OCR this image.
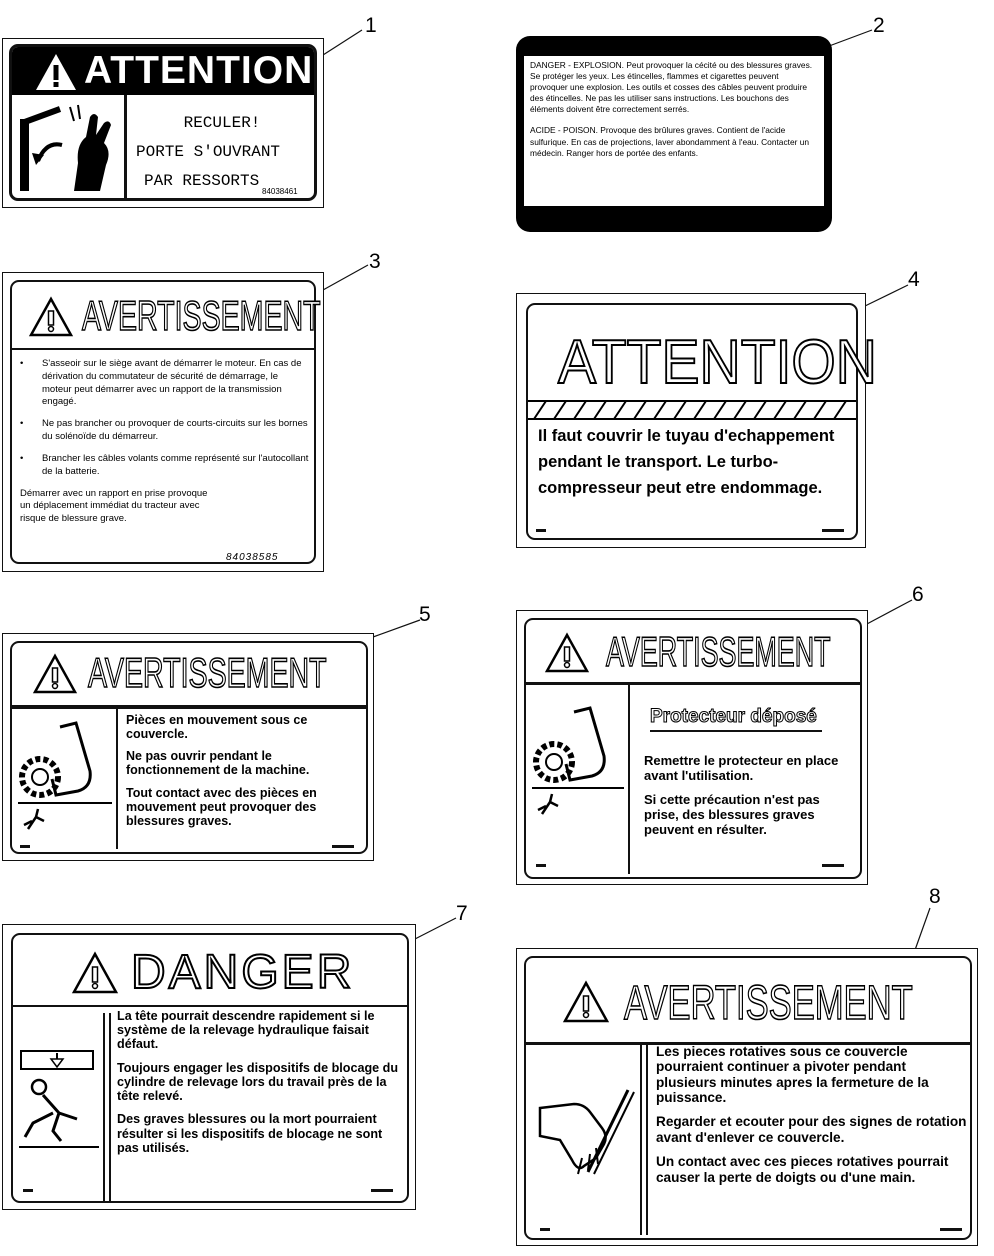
1	2
3
4
5
6
7
8
ATTENTION
RECULER!
PORTE S'OUVRANT
PAR RESSORTS
84038461

DANGER - EXPLOSION. Peut provoquer la cécité ou des blessures graves. Se protéger les yeux. Les étincelles, flammes et cigarettes peuvent provoquer une explosion. Les outils et cosses des câbles peuvent produire des étincelles. Ne pas les utiliser sans instructions. Les bouchons des éléments doivent être correctement serrés.

ACIDE - POISON. Provoque des brûlures graves. Contient de l'acide sulfurique. En cas de projections, laver abondamment à l'eau. Contacter un médecin. Ranger hors de portée des enfants.

AVERTISSEMENT

•	S'asseoir sur le siège avant de démarrer le moteur. En cas de dérivation du commutateur de sécurité de démarrage, le moteur peut démarrer avec un rapport de la transmission engagé.

•	Ne pas brancher ou provoquer de courts-circuits sur les bornes du solénoïde du démarreur.

•	Brancher les câbles volants comme représenté sur l'autocollant de la batterie.

Démarrer avec un rapport en prise provoque un déplacement immédiat du tracteur avec risque de blessure grave.

84038585
ATTENTION
Il faut couvrir le tuyau d'echappement pendant le transport. Le turbo-compresseur peut etre endommage.
AVERTISSEMENT

Pièces en mouvement sous ce couvercle.

Ne pas ouvrir pendant le fonctionnement de la machine.

Tout contact avec des pièces en mouvement peut provoquer des blessures graves.

AVERTISSEMENT
Protecteur déposé

Remettre le protecteur en place avant l'utilisation.

Si cette précaution n'est pas prise, des blessures graves peuvent en résulter.

DANGER

La tête pourrait descendre rapidement si le système de la relevage hydraulique faisait défaut.

Toujours engager les dispositifs de blocage du cylindre de relevage lors du travail près de la tête relevé.

Des graves blessures ou la mort pourraient résulter si les dispositifs de blocage ne sont pas utilisés.

AVERTISSEMENT

Les pieces rotatives sous ce couvercle pourraient continuer a pivoter pendant plusieurs minutes apres la fermeture de la puissance.

Regarder et ecouter pour des signes de rotation avant d'enlever ce couvercle.

Un contact avec ces pieces rotatives pourrait causer la perte de doigts ou d'une main.
